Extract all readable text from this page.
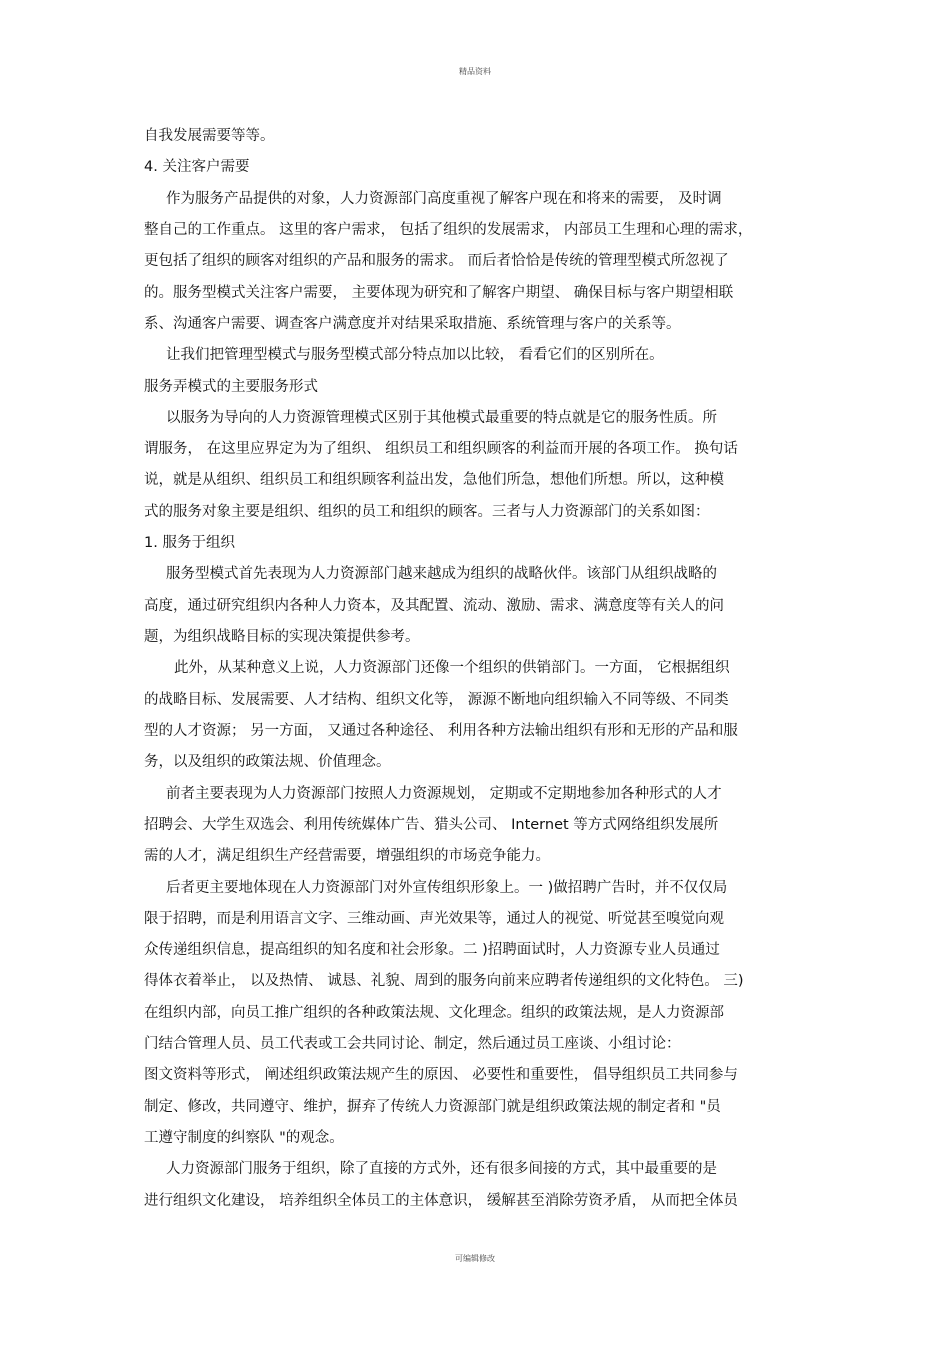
精品资料

自我发展需要等等。

4. 关注客户需要

作为服务产品提供的对象，人力资源部门高度重视了解客户现在和将来的需要， 及时调

整自己的工作重点。 这里的客户需求， 包括了组织的发展需求， 内部员工生理和心理的需求，

更包括了组织的顾客对组织的产品和服务的需求。 而后者恰恰是传统的管理型模式所忽视了

的。服务型模式关注客户需要， 主要体现为研究和了解客户期望、 确保目标与客户期望相联

系、沟通客户需要、调查客户满意度并对结果采取措施、系统管理与客户的关系等。

让我们把管理型模式与服务型模式部分特点加以比较， 看看它们的区别所在。

服务弄模式的主要服务形式

以服务为导向的人力资源管理模式区别于其他模式最重要的特点就是它的服务性质。所

谓服务， 在这里应界定为为了组织、 组织员工和组织顾客的利益而开展的各项工作。 换句话

说，就是从组织、组织员工和组织顾客利益出发，急他们所急，想他们所想。所以，这种模

式的服务对象主要是组织、组织的员工和组织的顾客。三者与人力资源部门的关系如图：

1. 服务于组织

服务型模式首先表现为人力资源部门越来越成为组织的战略伙伴。该部门从组织战略的

高度，通过研究组织内各种人力资本，及其配置、流动、激励、需求、满意度等有关人的问

题，为组织战略目标的实现决策提供参考。

此外，从某种意义上说，人力资源部门还像一个组织的供销部门。一方面， 它根据组织

的战略目标、发展需要、人才结构、组织文化等， 源源不断地向组织输入不同等级、不同类

型的人才资源； 另一方面， 又通过各种途径、 利用各种方法输出组织有形和无形的产品和服

务，以及组织的政策法规、价值理念。

前者主要表现为人力资源部门按照人力资源规划， 定期或不定期地参加各种形式的人才

招聘会、大学生双选会、利用传统媒体广告、猎头公司、 Internet 等方式网络组织发展所

需的人才，满足组织生产经营需要，增强组织的市场竞争能力。

后者更主要地体现在人力资源部门对外宣传组织形象上。一 )做招聘广告时，并不仅仅局

限于招聘，而是利用语言文字、三维动画、声光效果等，通过人的视觉、听觉甚至嗅觉向观

众传递组织信息，提高组织的知名度和社会形象。二 )招聘面试时，人力资源专业人员通过

得体衣着举止， 以及热情、 诚恳、礼貌、周到的服务向前来应聘者传递组织的文化特色。 三)

在组织内部，向员工推广组织的各种政策法规、文化理念。组织的政策法规，是人力资源部

门结合管理人员、员工代表或工会共同讨论、制定，然后通过员工座谈、小组讨论：

图文资料等形式， 阐述组织政策法规产生的原因、 必要性和重要性， 倡导组织员工共同参与

制定、修改，共同遵守、维护，摒弃了传统人力资源部门就是组织政策法规的制定者和 "员

工遵守制度的纠察队 "的观念。

人力资源部门服务于组织，除了直接的方式外，还有很多间接的方式，其中最重要的是

进行组织文化建设， 培养组织全体员工的主体意识， 缓解甚至消除劳资矛盾， 从而把全体员

可编辑修改
